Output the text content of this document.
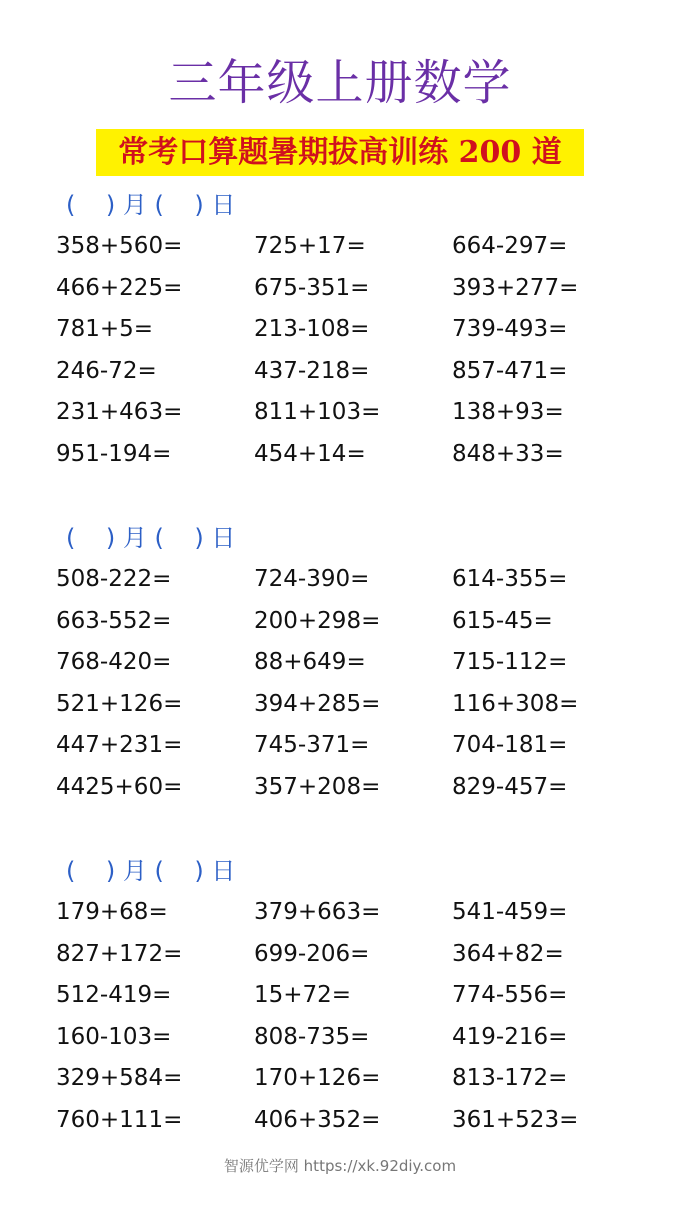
三年级上册数学
常考口算题暑期拔高训练 200 道
(    ) 月 (    ) 日
358+560=	725+17=	664-297=
466+225=	675-351=	393+277=
781+5=	213-108=	739-493=
246-72=	437-218=	857-471=
231+463=	811+103=	138+93=
951-194=	454+14=	848+33=
(    ) 月 (    ) 日
508-222=	724-390=	614-355=
663-552=	200+298=	615-45=
768-420=	88+649=	715-112=
521+126=	394+285=	116+308=
447+231=	745-371=	704-181=
4425+60=	357+208=	829-457=
(    ) 月 (    ) 日
179+68=	379+663=	541-459=
827+172=	699-206=	364+82=
512-419=	15+72=	774-556=
160-103=	808-735=	419-216=
329+584=	170+126=	813-172=
760+111=	406+352=	361+523=
智源优学网 https://xk.92diy.com
